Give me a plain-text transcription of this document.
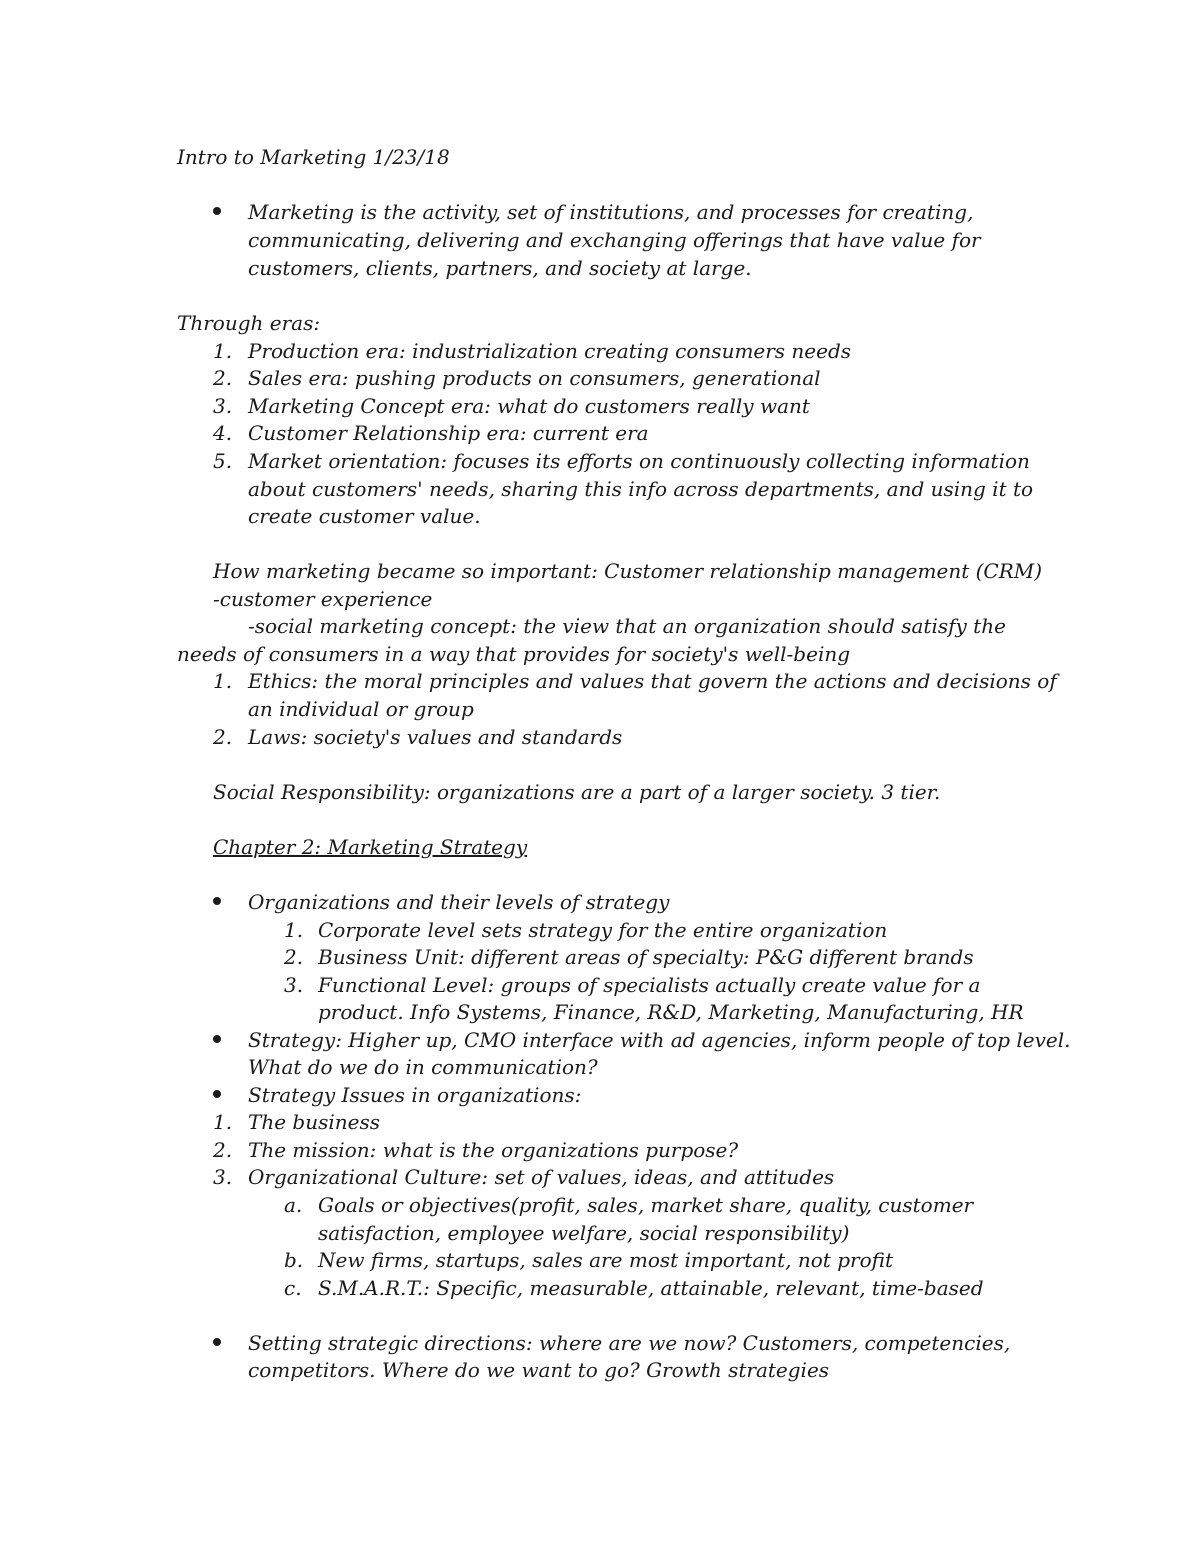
Intro to Marketing 1/23/18
Marketing is the activity, set of institutions, and processes for creating,
communicating, delivering and exchanging offerings that have value for
customers, clients, partners, and society at large.
Through eras:
1. Production era: industrialization creating consumers needs
2. Sales era: pushing products on consumers, generational
3. Marketing Concept era: what do customers really want
4. Customer Relationship era: current era
5. Market orientation: focuses its efforts on continuously collecting information
about customers' needs, sharing this info across departments, and using it to
create customer value.
How marketing became so important: Customer relationship management (CRM)
-customer experience
-social marketing concept: the view that an organization should satisfy the
needs of consumers in a way that provides for society's well-being
1. Ethics: the moral principles and values that govern the actions and decisions of
an individual or group
2. Laws: society's values and standards
Social Responsibility: organizations are a part of a larger society. 3 tier.
Chapter 2: Marketing Strategy
Organizations and their levels of strategy
1. Corporate level sets strategy for the entire organization
2. Business Unit: different areas of specialty: P&G different brands
3. Functional Level: groups of specialists actually create value for a
product. Info Systems, Finance, R&D, Marketing, Manufacturing, HR
Strategy: Higher up, CMO interface with ad agencies, inform people of top level.
What do we do in communication?
Strategy Issues in organizations:
1. The business
2. The mission: what is the organizations purpose?
3. Organizational Culture: set of values, ideas, and attitudes
a. Goals or objectives(profit, sales, market share, quality, customer
satisfaction, employee welfare, social responsibility)
b. New firms, startups, sales are most important, not profit
c. S.M.A.R.T.: Specific, measurable, attainable, relevant, time-based
Setting strategic directions: where are we now? Customers, competencies,
competitors. Where do we want to go? Growth strategies
